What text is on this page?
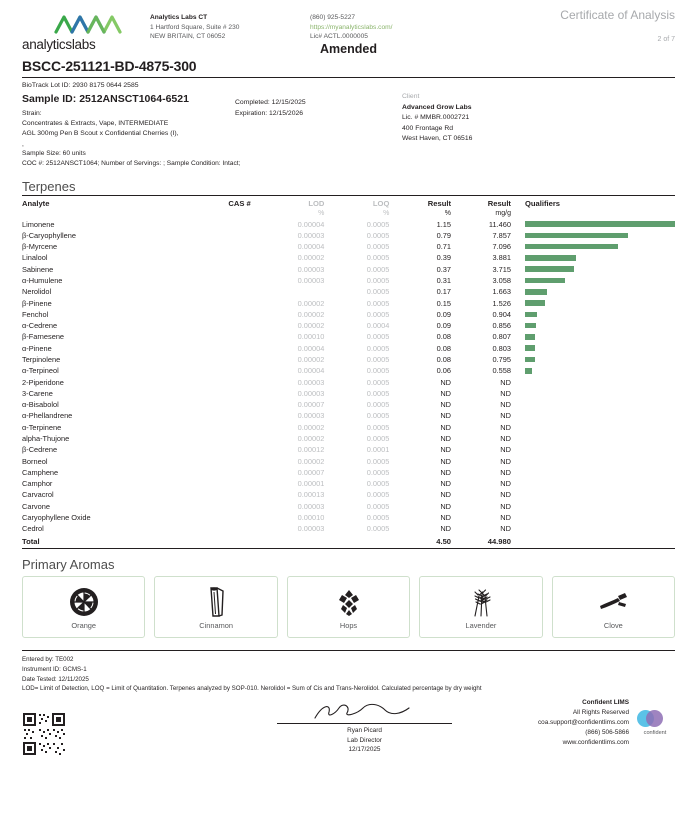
analyticslabs
Analytics Labs CT
1 Hartford Square, Suite # 230
NEW BRITAIN, CT 06052
(860) 925-5227
https://myanalyticslabs.com/
Lic# ACTL.0000005
Certificate of Analysis
2 of 7
Amended
BSCC-251121-BD-4875-300
BioTrack Lot ID: 2930 8175 0644 2585
Sample ID: 2512ANSCT1064-6521
Strain:
Concentrates & Extracts, Vape, INTERMEDIATE
AGL 300mg Pen B Scout x Confidential Cherries (I),
,
Sample Size: 60 units
COC #: 2512ANSCT1064; Number of Servings: ; Sample Condition: Intact;
Completed: 12/15/2025
Expiration: 12/15/2026
Client
Advanced Grow Labs
Lic. # MMBR.0002721
400 Frontage Rd
West Haven, CT 06516
Terpenes
Analyte	CAS #	LOD	LOQ	Result	Result	Qualifiers
		%	%	%	mg/g	
Limonene		0.00004	0.0005	1.15	11.460	

β-Caryophyllene		0.00003	0.0005	0.79	7.857	

β-Myrcene		0.00004	0.0005	0.71	7.096	

Linalool		0.00002	0.0005	0.39	3.881	

Sabinene		0.00003	0.0005	0.37	3.715	

α-Humulene		0.00003	0.0005	0.31	3.058	

Nerolidol			0.0005	0.17	1.663	

β-Pinene		0.00002	0.0005	0.15	1.526	

Fenchol		0.00002	0.0005	0.09	0.904	

α-Cedrene		0.00002	0.0004	0.09	0.856	

β-Farnesene		0.00010	0.0005	0.08	0.807	

α-Pinene		0.00004	0.0005	0.08	0.803	

Terpinolene		0.00002	0.0005	0.08	0.795	

α-Terpineol		0.00004	0.0005	0.06	0.558	

2-Piperidone		0.00003	0.0005	ND	ND	
3-Carene		0.00003	0.0005	ND	ND	
α-Bisabolol		0.00007	0.0005	ND	ND	
α-Phellandrene		0.00003	0.0005	ND	ND	
α-Terpinene		0.00002	0.0005	ND	ND	
alpha-Thujone		0.00002	0.0005	ND	ND	
β-Cedrene		0.00012	0.0001	ND	ND	
Borneol		0.00002	0.0005	ND	ND	
Camphene		0.00007	0.0005	ND	ND	
Camphor		0.00001	0.0005	ND	ND	
Carvacrol		0.00013	0.0005	ND	ND	
Carvone		0.00003	0.0005	ND	ND	
Caryophyllene Oxide		0.00010	0.0005	ND	ND	
Cedrol		0.00003	0.0005	ND	ND	
Total				4.50	44.980	
Primary Aromas
Orange	Cinnamon	Hops	Lavender	Clove
Entered by: TE002
Instrument ID: GCMS-1
Date Tested: 12/11/2025
LOD= Limit of Detection, LOQ = Limit of Quantitation. Terpenes analyzed by SOP-010. Nerolidol = Sum of Cis and Trans-Nerolidol. Calculated percentage by dry weight
Ryan Picard
Lab Director
12/17/2025
Confident LIMS
All Rights Reserved
coa.support@confidentlims.com
(866) 506-5866
www.confidentlims.com
confident
